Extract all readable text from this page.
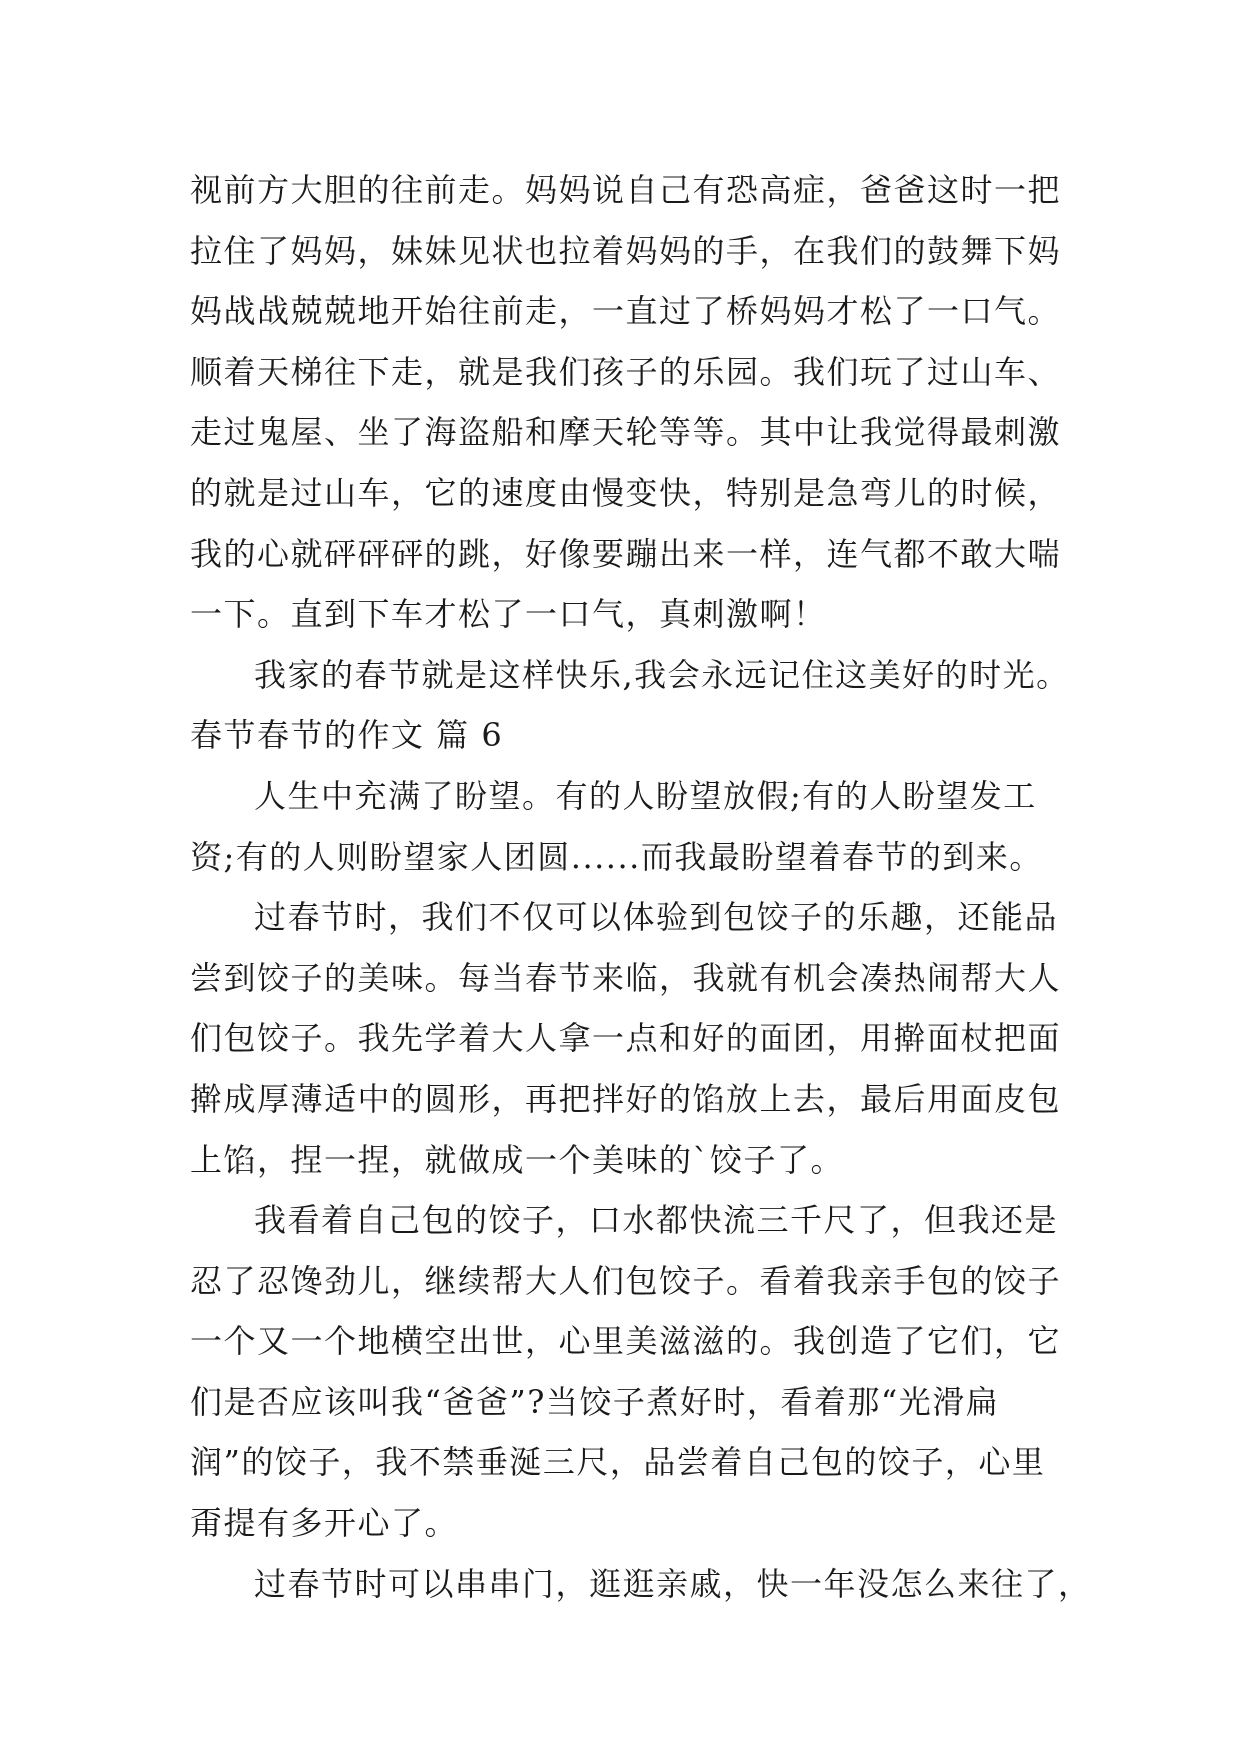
视前方大胆的往前走。妈妈说自己有恐高症，爸爸这时一把
拉住了妈妈，妹妹见状也拉着妈妈的手，在我们的鼓舞下妈
妈战战兢兢地开始往前走，一直过了桥妈妈才松了一口气。
顺着天梯往下走，就是我们孩子的乐园。我们玩了过山车、
走过鬼屋、坐了海盗船和摩天轮等等。其中让我觉得最刺激
的就是过山车，它的速度由慢变快，特别是急弯儿的时候，
我的心就砰砰砰的跳，好像要蹦出来一样，连气都不敢大喘
一下。直到下车才松了一口气，真刺激啊！
我家的春节就是这样快乐,我会永远记住这美好的时光。
春节春节的作文 篇 6
人生中充满了盼望。有的人盼望放假;有的人盼望发工
资;有的人则盼望家人团圆......而我最盼望着春节的到来。
过春节时，我们不仅可以体验到包饺子的乐趣，还能品
尝到饺子的美味。每当春节来临，我就有机会凑热闹帮大人
们包饺子。我先学着大人拿一点和好的面团，用擀面杖把面
擀成厚薄适中的圆形，再把拌好的馅放上去，最后用面皮包
上馅，捏一捏，就做成一个美味的`饺子了。
我看着自己包的饺子，口水都快流三千尺了，但我还是
忍了忍馋劲儿，继续帮大人们包饺子。看着我亲手包的饺子
一个又一个地横空出世，心里美滋滋的。我创造了它们，它
们是否应该叫我“爸爸”?当饺子煮好时，看着那“光滑扁
润”的饺子，我不禁垂涎三尺，品尝着自己包的饺子，心里
甭提有多开心了。
过春节时可以串串门，逛逛亲戚，快一年没怎么来往了，
